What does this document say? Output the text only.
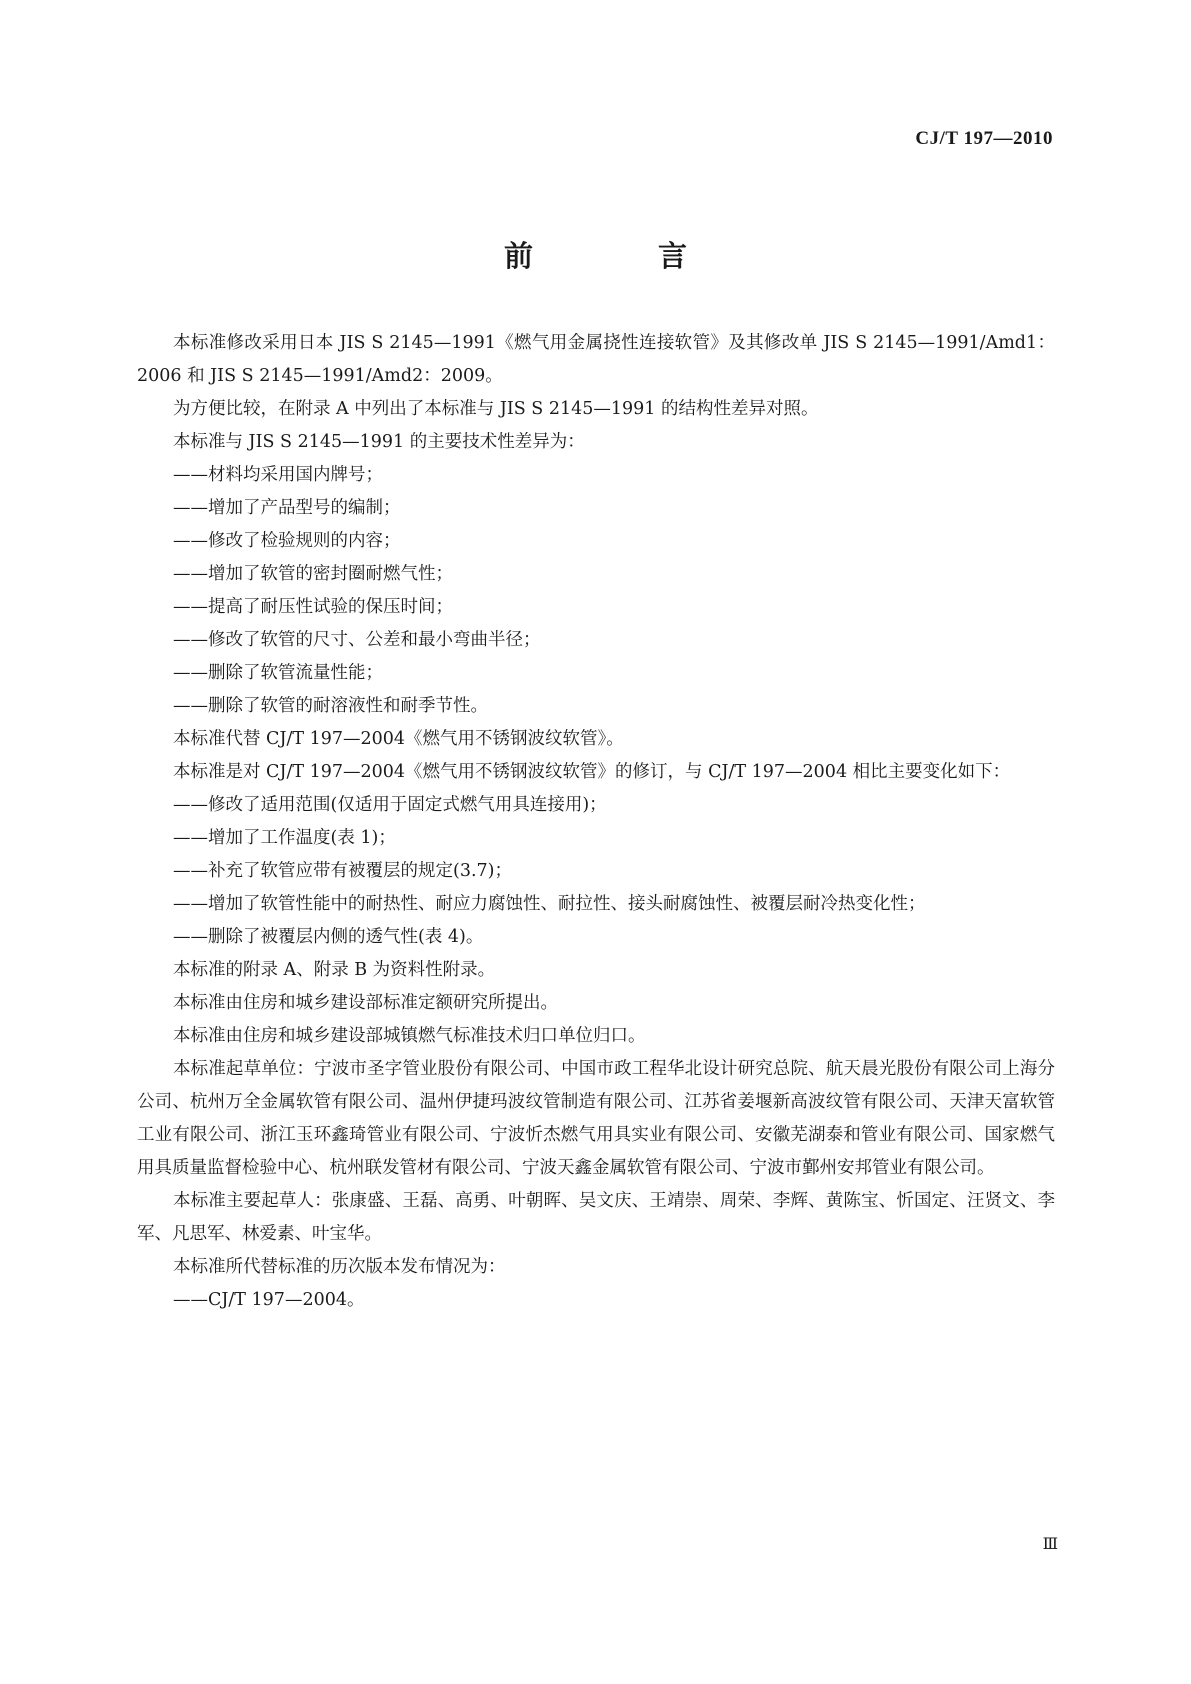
CJ/T 197—2010
前　言

本标准修改采用日本 JIS S 2145—1991《燃气用金属挠性连接软管》及其修改单 JIS S 2145—1991/Amd1：2006 和 JIS S 2145—1991/Amd2：2009。

为方便比较，在附录 A 中列出了本标准与 JIS S 2145—1991 的结构性差异对照。

本标准与 JIS S 2145—1991 的主要技术性差异为：

——材料均采用国内牌号；

——增加了产品型号的编制；

——修改了检验规则的内容；

——增加了软管的密封圈耐燃气性；

——提高了耐压性试验的保压时间；

——修改了软管的尺寸、公差和最小弯曲半径；

——删除了软管流量性能；

——删除了软管的耐溶液性和耐季节性。

本标准代替 CJ/T 197—2004《燃气用不锈钢波纹软管》。

本标准是对 CJ/T 197—2004《燃气用不锈钢波纹软管》的修订，与 CJ/T 197—2004 相比主要变化如下：

——修改了适用范围(仅适用于固定式燃气用具连接用)；

——增加了工作温度(表 1)；

——补充了软管应带有被覆层的规定(3.7)；

——增加了软管性能中的耐热性、耐应力腐蚀性、耐拉性、接头耐腐蚀性、被覆层耐冷热变化性；

——删除了被覆层内侧的透气性(表 4)。

本标准的附录 A、附录 B 为资料性附录。

本标准由住房和城乡建设部标准定额研究所提出。

本标准由住房和城乡建设部城镇燃气标准技术归口单位归口。

本标准起草单位：宁波市圣字管业股份有限公司、中国市政工程华北设计研究总院、航天晨光股份有限公司上海分公司、杭州万全金属软管有限公司、温州伊捷玛波纹管制造有限公司、江苏省姜堰新高波纹管有限公司、天津天富软管工业有限公司、浙江玉环鑫琦管业有限公司、宁波忻杰燃气用具实业有限公司、安徽芜湖泰和管业有限公司、国家燃气用具质量监督检验中心、杭州联发管材有限公司、宁波天鑫金属软管有限公司、宁波市鄞州安邦管业有限公司。

本标准主要起草人：张康盛、王磊、高勇、叶朝晖、吴文庆、王靖崇、周荣、李辉、黄陈宝、忻国定、汪贤文、李军、凡思军、林爱素、叶宝华。

本标准所代替标准的历次版本发布情况为：

——CJ/T 197—2004。

Ⅲ
